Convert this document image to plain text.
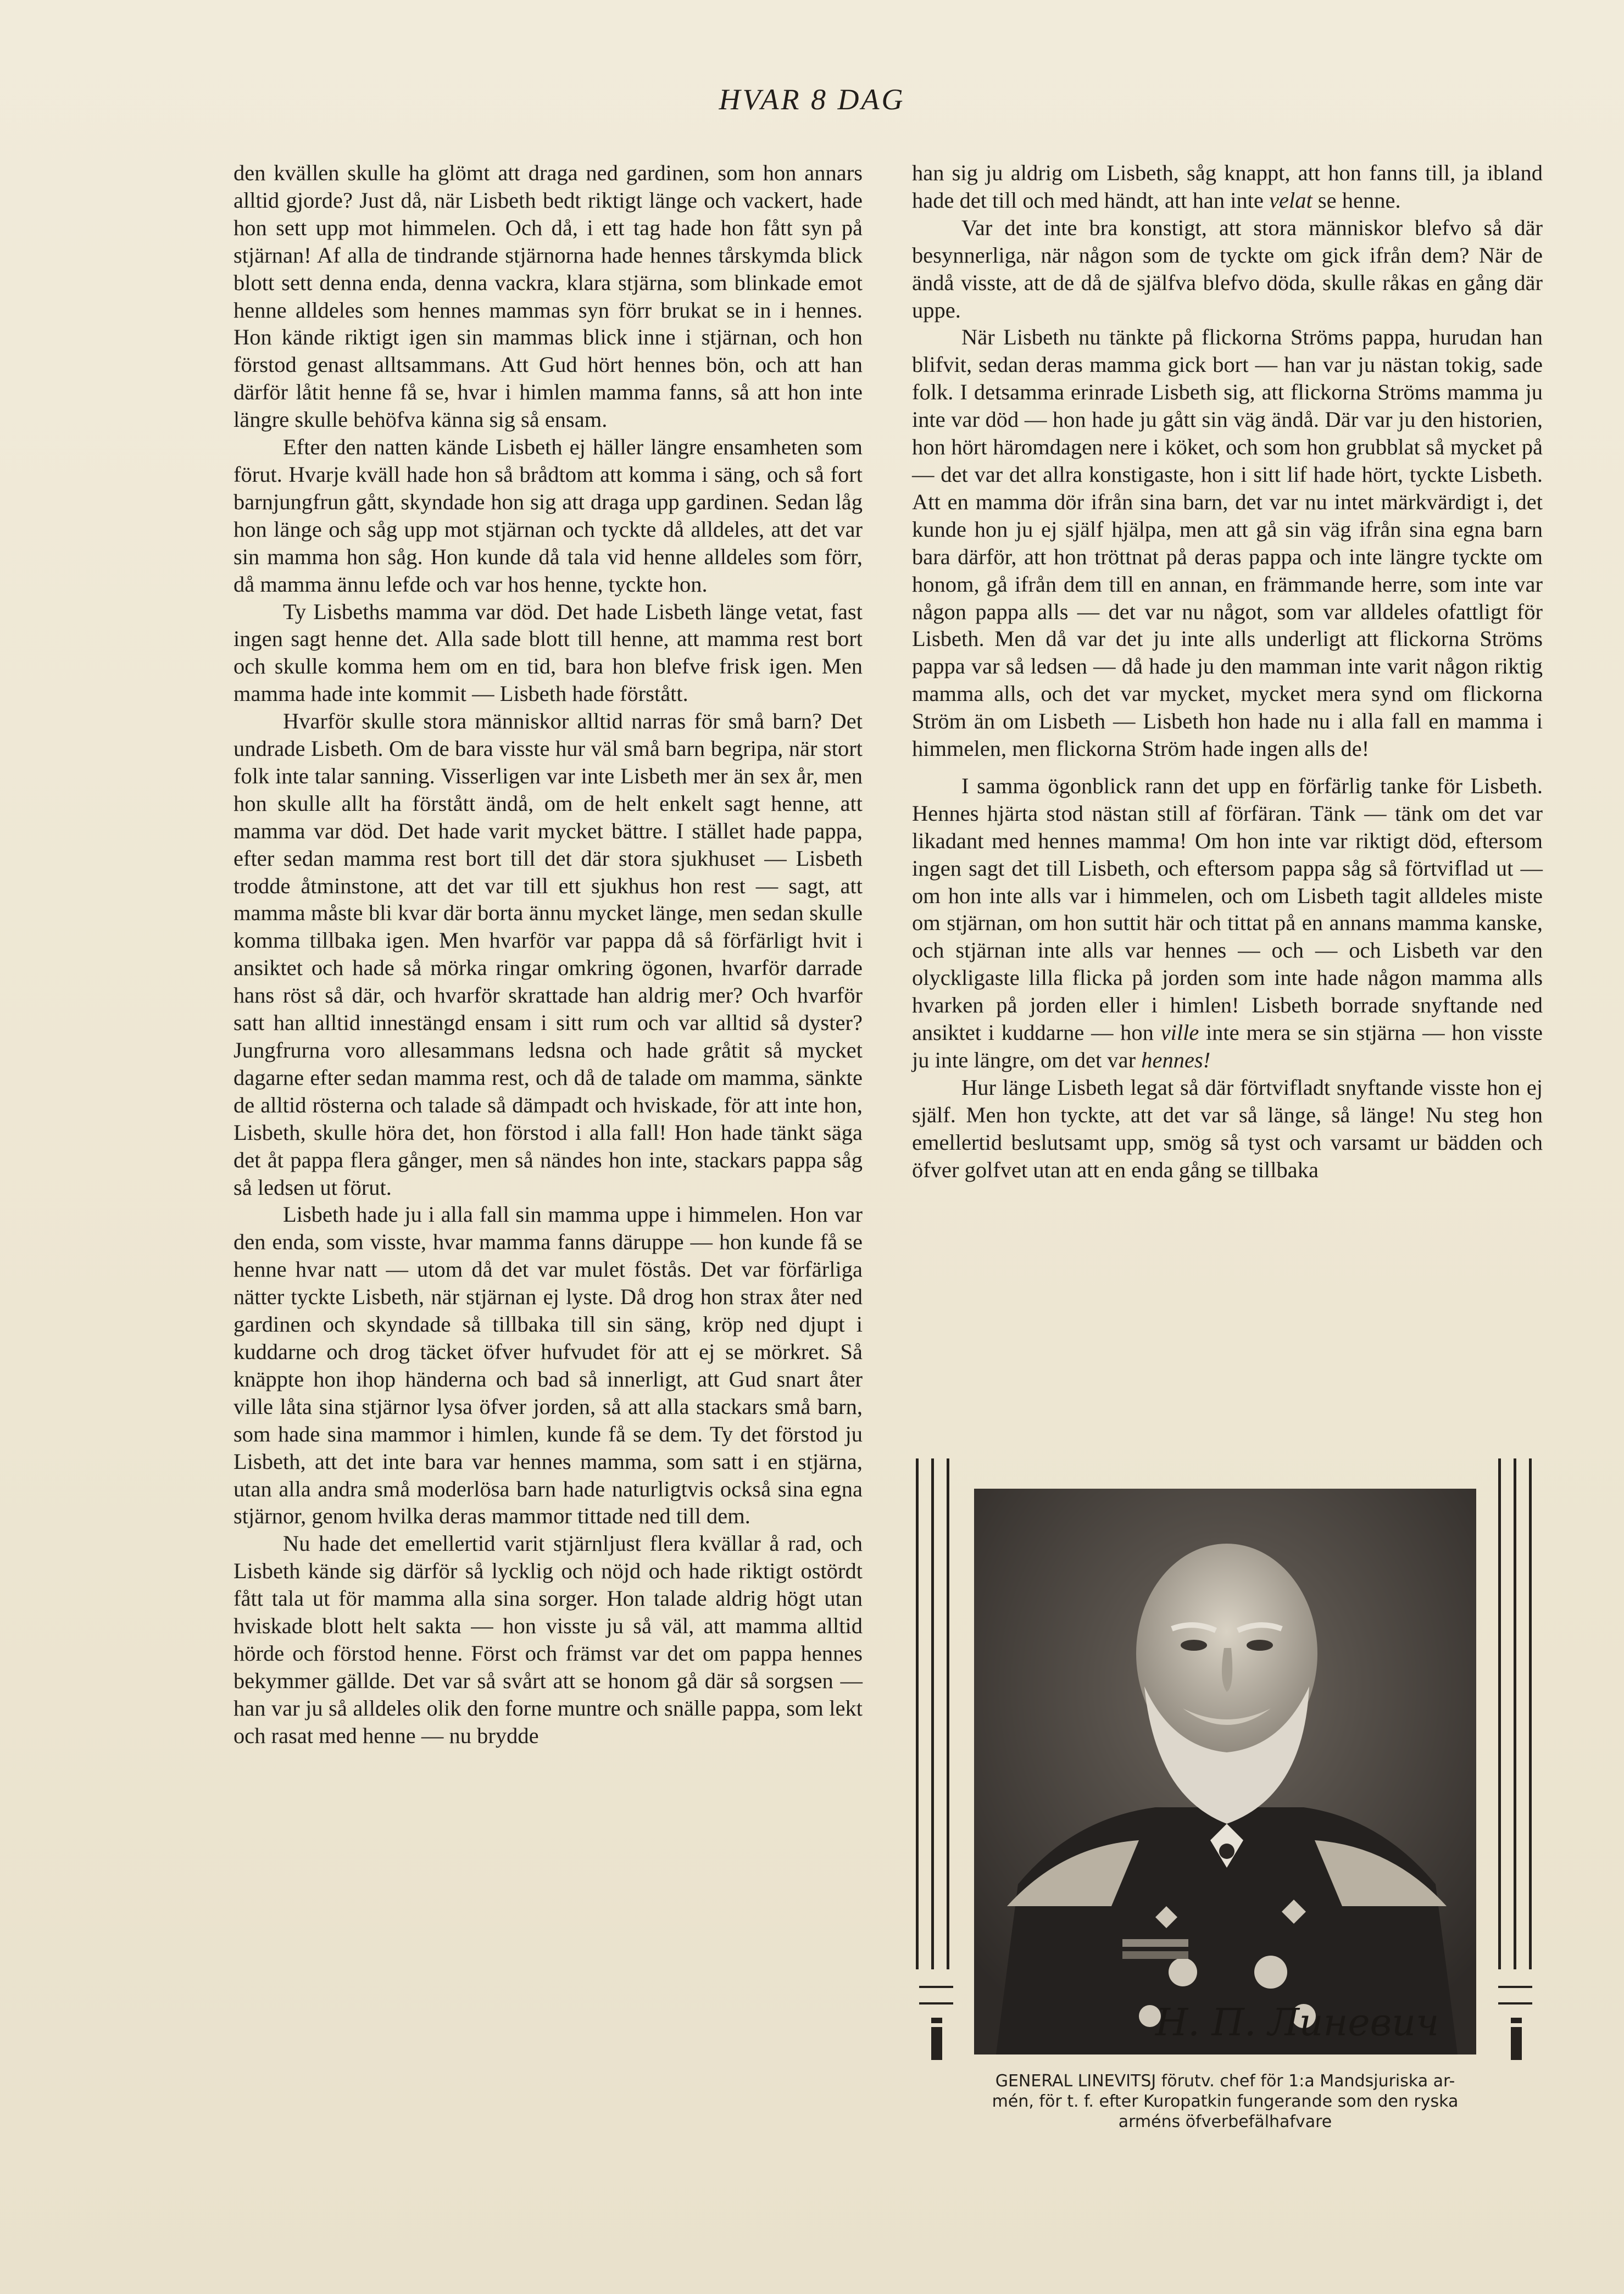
HVAR 8 DAG

den kvällen skulle ha glömt att draga ned gardinen, som hon annars alltid gjorde? Just då, när Lisbeth bedt riktigt länge och vackert, hade hon sett upp mot himmelen. Och då, i ett tag hade hon fått syn på stjärnan! Af alla de tindrande stjärnorna hade hennes tårskymda blick blott sett denna enda, denna vackra, klara stjärna, som blinkade emot henne alldeles som hennes mammas syn förr brukat se in i hennes. Hon kände riktigt igen sin mammas blick inne i stjärnan, och hon förstod genast alltsammans. Att Gud hört hennes bön, och att han därför låtit henne få se, hvar i himlen mamma fanns, så att hon inte längre skulle behöfva känna sig så ensam.

Efter den natten kände Lisbeth ej häller längre ensamheten som förut. Hvarje kväll hade hon så brådtom att komma i säng, och så fort barnjungfrun gått, skyndade hon sig att draga upp gardinen. Sedan låg hon länge och såg upp mot stjärnan och tyckte då alldeles, att det var sin mamma hon såg. Hon kunde då tala vid henne alldeles som förr, då mamma ännu lefde och var hos henne, tyckte hon.

Ty Lisbeths mamma var död. Det hade Lisbeth länge vetat, fast ingen sagt henne det. Alla sade blott till henne, att mamma rest bort och skulle komma hem om en tid, bara hon blefve frisk igen. Men mamma hade inte kommit — Lisbeth hade förstått.

Hvarför skulle stora människor alltid narras för små barn? Det undrade Lisbeth. Om de bara visste hur väl små barn begripa, när stort folk inte talar sanning. Visserligen var inte Lisbeth mer än sex år, men hon skulle allt ha förstått ändå, om de helt enkelt sagt henne, att mamma var död. Det hade varit mycket bättre. I stället hade pappa, efter sedan mamma rest bort till det där stora sjukhuset — Lisbeth trodde åtminstone, att det var till ett sjukhus hon rest — sagt, att mamma måste bli kvar där borta ännu mycket länge, men sedan skulle komma tillbaka igen. Men hvarför var pappa då så förfärligt hvit i ansiktet och hade så mörka ringar omkring ögonen, hvarför darrade hans röst så där, och hvarför skrattade han aldrig mer? Och hvarför satt han alltid innestängd ensam i sitt rum och var alltid så dyster? Jungfrurna voro allesammans ledsna och hade gråtit så mycket dagarne efter sedan mamma rest, och då de talade om mamma, sänkte de alltid rösterna och talade så dämpadt och hviskade, för att inte hon, Lisbeth, skulle höra det, hon förstod i alla fall! Hon hade tänkt säga det åt pappa flera gånger, men så nändes hon inte, stackars pappa såg så ledsen ut förut.

Lisbeth hade ju i alla fall sin mamma uppe i himmelen. Hon var den enda, som visste, hvar mamma fanns däruppe — hon kunde få se henne hvar natt — utom då det var mulet föstås. Det var förfärliga nätter tyckte Lisbeth, när stjärnan ej lyste. Då drog hon strax åter ned gardinen och skyndade så tillbaka till sin säng, kröp ned djupt i kuddarne och drog täcket öfver hufvudet för att ej se mörkret. Så knäppte hon ihop händerna och bad så innerligt, att Gud snart åter ville låta sina stjärnor lysa öfver jorden, så att alla stackars små barn, som hade sina mammor i himlen, kunde få se dem. Ty det förstod ju Lisbeth, att det inte bara var hennes mamma, som satt i en stjärna, utan alla andra små moderlösa barn hade naturligtvis också sina egna stjärnor, genom hvilka deras mammor tittade ned till dem.

Nu hade det emellertid varit stjärnljust flera kvällar å rad, och Lisbeth kände sig därför så lycklig och nöjd och hade riktigt ostördt fått tala ut för mamma alla sina sorger. Hon talade aldrig högt utan hviskade blott helt sakta — hon visste ju så väl, att mamma alltid hörde och förstod henne. Först och främst var det om pappa hennes bekymmer gällde. Det var så svårt att se honom gå där så sorgsen — han var ju så alldeles olik den forne muntre och snälle pappa, som lekt och rasat med henne — nu brydde

han sig ju aldrig om Lisbeth, såg knappt, att hon fanns till, ja ibland hade det till och med händt, att han inte velat se henne.

Var det inte bra konstigt, att stora människor blefvo så där besynnerliga, när någon som de tyckte om gick ifrån dem? När de ändå visste, att de då de själfva blefvo döda, skulle råkas en gång där uppe.

När Lisbeth nu tänkte på flickorna Ströms pappa, hurudan han blifvit, sedan deras mamma gick bort — han var ju nästan tokig, sade folk. I detsamma erinrade Lisbeth sig, att flickorna Ströms mamma ju inte var död — hon hade ju gått sin väg ändå. Där var ju den historien, hon hört häromdagen nere i köket, och som hon grubblat så mycket på — det var det allra konstigaste, hon i sitt lif hade hört, tyckte Lisbeth. Att en mamma dör ifrån sina barn, det var nu intet märkvärdigt i, det kunde hon ju ej själf hjälpa, men att gå sin väg ifrån sina egna barn bara därför, att hon tröttnat på deras pappa och inte längre tyckte om honom, gå ifrån dem till en annan, en främmande herre, som inte var någon pappa alls — det var nu något, som var alldeles ofattligt för Lisbeth. Men då var det ju inte alls underligt att flickorna Ströms pappa var så ledsen — då hade ju den mamman inte varit någon riktig mamma alls, och det var mycket, mycket mera synd om flickorna Ström än om Lisbeth — Lisbeth hon hade nu i alla fall en mamma i himmelen, men flickorna Ström hade ingen alls de!

I samma ögonblick rann det upp en förfärlig tanke för Lisbeth. Hennes hjärta stod nästan still af förfäran. Tänk — tänk om det var likadant med hennes mamma! Om hon inte var riktigt död, eftersom ingen sagt det till Lisbeth, och eftersom pappa såg så förtviflad ut — om hon inte alls var i himmelen, och om Lisbeth tagit alldeles miste om stjärnan, om hon suttit här och tittat på en annans mamma kanske, och stjärnan inte alls var hennes — och — och Lisbeth var den olyckligaste lilla flicka på jorden som inte hade någon mamma alls hvarken på jorden eller i himlen! Lisbeth borrade snyftande ned ansiktet i kuddarne — hon ville inte mera se sin stjärna — hon visste ju inte längre, om det var hennes!

Hur länge Lisbeth legat så där förtvifladt snyftande visste hon ej själf. Men hon tyckte, att det var så länge, så länge! Nu steg hon emellertid beslutsamt upp, smög så tyst och varsamt ur bädden och öfver golfvet utan att en enda gång se tillbaka

Н. П. Линевич
GENERAL LINEVITSJ förutv. chef för 1:a Mandsjuriska ar-
mén, för t. f. efter Kuropatkin fungerande som den ryska
arméns öfverbefälhafvare
